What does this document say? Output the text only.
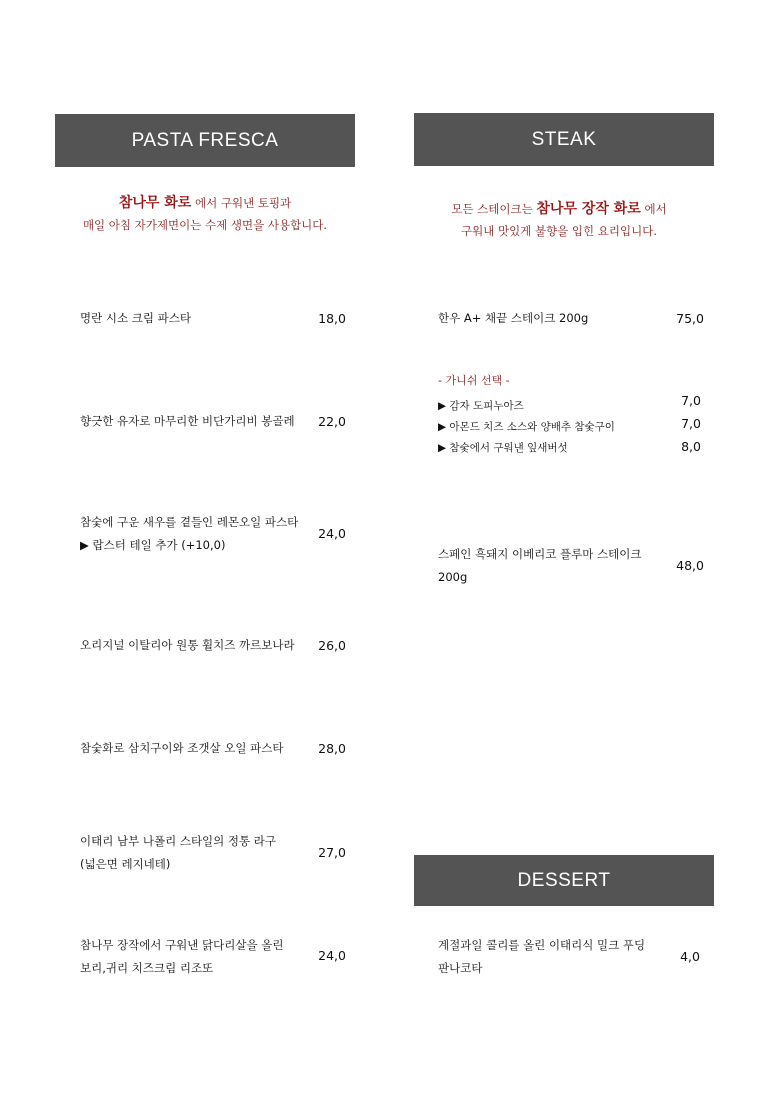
PASTA FRESCA
참나무 화로 에서 구워낸 토핑과
매일 아침 자가제면이는 수제 생면을 사용합니다.
명란 시소 크림 파스타	18,0
향긋한 유자로 마무리한 비단가리비 봉골레	22,0
참숯에 구운 새우를 곁들인 레몬오일 파스타
▶ 랍스터 테일 추가 (+10,0)
24,0
오리지널 이탈리아 원통 휠치즈 까르보나라	26,0
참숯화로 삼치구이와 조갯살 오일 파스타	28,0
이태리 남부 나폴리 스타일의 정통 라구
(넓은면 레지네테)
27,0
참나무 장작에서 구워낸 닭다리살을 올린
보리,귀리 치즈크림 리조또
24,0
STEAK
모든 스테이크는 참나무 장작 화로 에서
구워내 맛있게 불향을 입힌 요리입니다.
한우 A+ 채끝 스테이크 200g	75,0
- 가니쉬 선택 -
▶ 감자 도피누아즈	7,0
▶ 아몬드 치즈 소스와 양배추 참숯구이	7,0
▶ 참숯에서 구워낸 잎새버섯	8,0
스페인 흑돼지 이베리코 플루마 스테이크
200g
48,0
DESSERT
계절과일 콜리를 올린 이태리식 밀크 푸딩
판나코타
4,0
